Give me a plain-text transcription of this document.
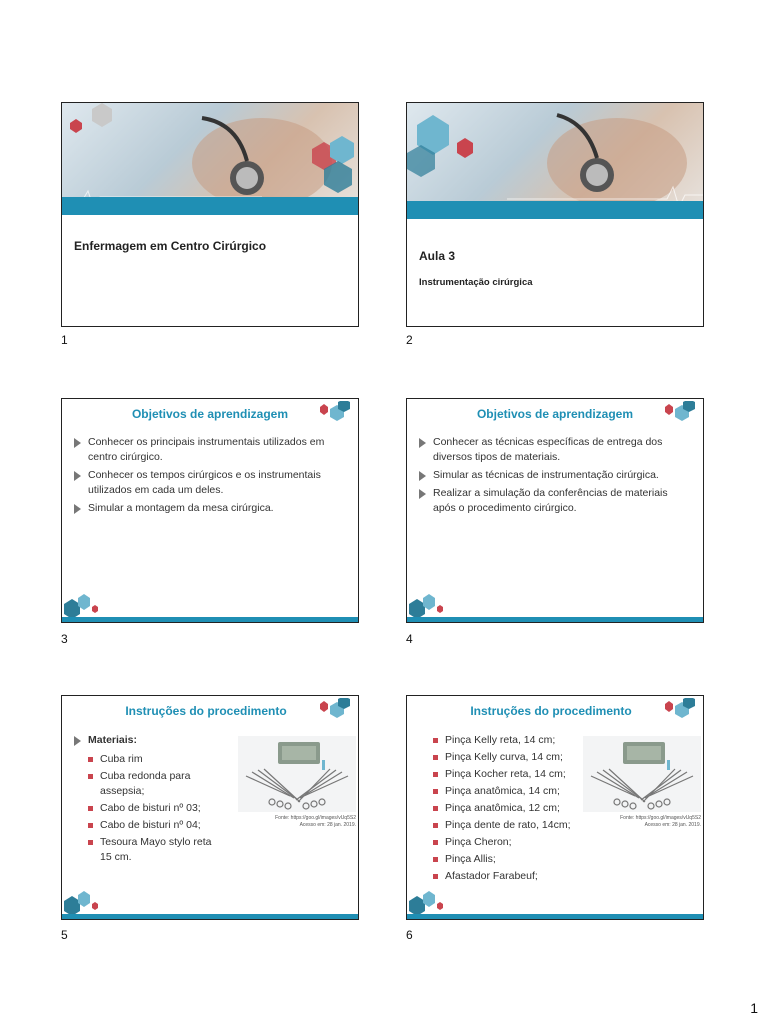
Enfermagem em Centro Cirúrgico
1
Aula 3
Instrumentação cirúrgica
2
Objetivos de aprendizagem
Conhecer os principais instrumentais utilizados em centro cirúrgico.
Conhecer os tempos cirúrgicos e os instrumentais utilizados em cada um deles.
Simular a montagem da mesa cirúrgica.
3
Objetivos de aprendizagem
Conhecer as técnicas específicas de entrega dos diversos tipos de materiais.
Simular as técnicas de instrumentação cirúrgica.
Realizar a simulação da conferências de materiais após o procedimento cirúrgico.
4
Instruções do procedimento
Materiais:
Cuba rim
Cuba redonda para assepsia;
Cabo de bisturi nº 03;
Cabo de bisturi nº 04;
Tesoura Mayo stylo reta 15 cm.
Fonte: https://goo.gl/images/vUq5S2
Acesso em: 28 jan. 2019.
5
Instruções do procedimento
Pinça Kelly reta, 14 cm;
Pinça Kelly curva, 14 cm;
Pinça Kocher reta, 14 cm;
Pinça anatômica, 14 cm;
Pinça anatômica, 12 cm;
Pinça dente de rato, 14cm;
Pinça Cheron;
Pinça Allis;
Afastador Farabeuf;
Fonte: https://goo.gl/images/vUq5S2
Acesso em: 28 jan. 2019.
6
1
